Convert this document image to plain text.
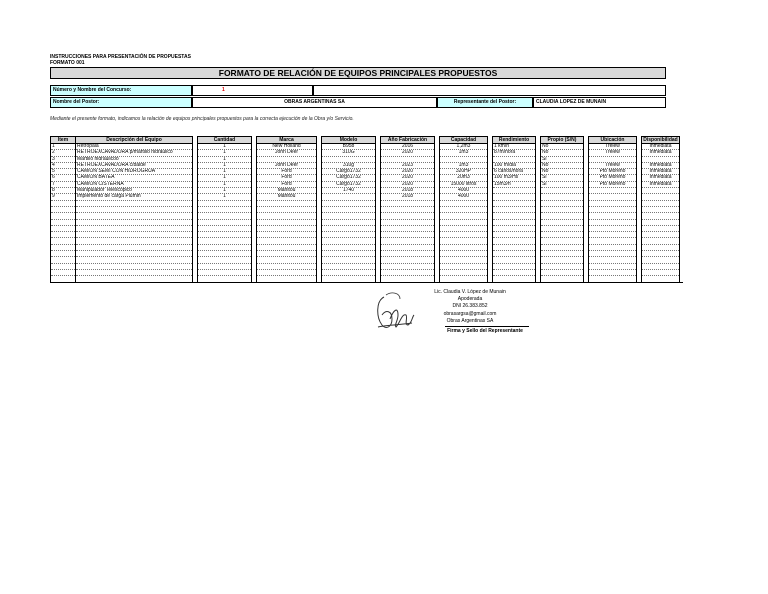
INSTRUCCIONES PARA PRESENTACIÓN DE PROPUESTAS
FORMATO 001
FORMATO DE RELACIÓN DE EQUIPOS PRINCIPALES PROPUESTOS
Número y Nombre del Concurso:	1
Nombre del Postor:	OBRAS ARGENTINAS SA	Representante del Postor:	CLAUDIA LOPEZ DE MUNAIN
Mediante el presente formato, indicamos la relación de equipos principales propuestos para la correcta ejecución de la Obra y/o Servicio.
Item	Descripción del Equipo		Cantidad		Marca		Modelo		Año Fabricación		Capacidad		Rendimiento		Propio (S/N)		Ubicación		Disponibilidad	
1	Retropala		1		New Holland		B95b		2016		1,2m3		1 km/h		No		Trelew		Inmediata	
2	RETROEXCAVADORA p/martillo hidraulico		1		John Deer		310G		2020		1m3		87m/hora		No		Trelew		Inmediata	
3	Martillo hidraulicoo		1												Si					
4	RETROEXCAVADORA c/balde		1		John Deer		310g		2023		1m3		100 m/dia		No		Trelew		Inmediata	
5	CAMION SEMI CON HIDROGRUA		1		Ford		Cargo1732		2020		320HP		6 carlos/hora		No		Pto Moreno		Inmediata	
6	CAMION BATEA		1		Ford		Cargo1732		2020		20m3		100 m3/Hs		Si		Pto Moreno		Inmediata	
7	CAMION CISTERNA		1		Ford		Cargo1732		2020		15000 litros		15m3/h		Si		Pto Moreno		Inmediata	
8	Manipulador Telescopico		1		Manitou		1740		2018		4000									
9	Implemento de carga Plumin		1		Manitou				2018		4000									

Lic. Claudia V. López de Munain
Apoderada
DNI 26.383.852
obrasargsa@gmail.com
Obras Argentinas SA
Firma y Sello del Representante
